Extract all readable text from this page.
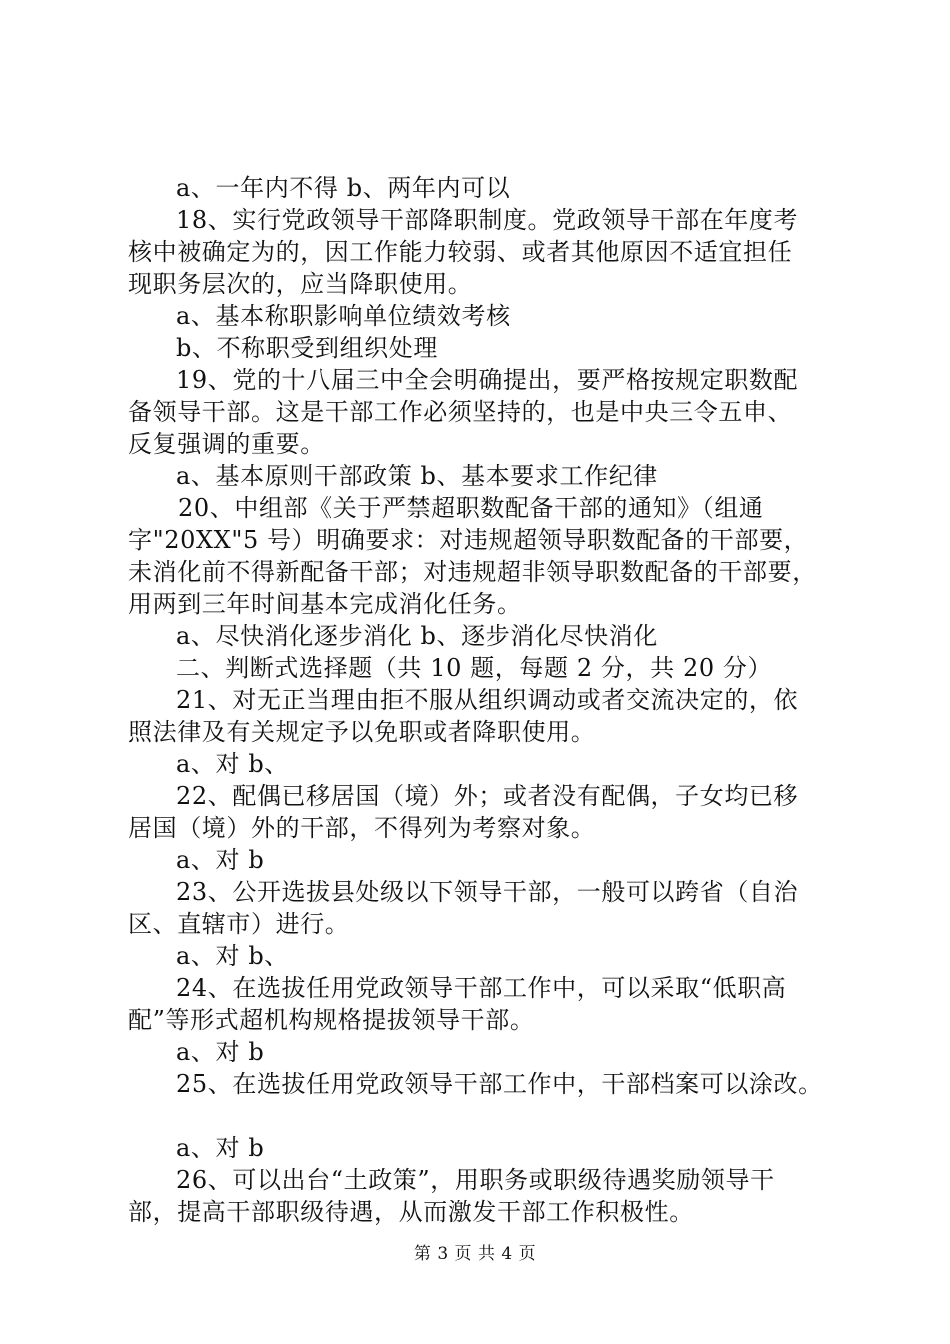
a、一年内不得 b、两年内可以
18、实行党政领导干部降职制度。党政领导干部在年度考
核中被确定为的，因工作能力较弱、或者其他原因不适宜担任
现职务层次的，应当降职使用。
a、基本称职影响单位绩效考核
b、不称职受到组织处理
19、党的十八届三中全会明确提出，要严格按规定职数配
备领导干部。这是干部工作必须坚持的，也是中央三令五申、
反复强调的重要。
a、基本原则干部政策 b、基本要求工作纪律
20、中组部《关于严禁超职数配备干部的通知》（组通
字"20XX"5 号）明确要求：对违规超领导职数配备的干部要，
未消化前不得新配备干部；对违规超非领导职数配备的干部要，
用两到三年时间基本完成消化任务。
a、尽快消化逐步消化 b、逐步消化尽快消化
二、判断式选择题（共 10 题，每题 2 分，共 20 分）
21、对无正当理由拒不服从组织调动或者交流决定的，依
照法律及有关规定予以免职或者降职使用。
a、对 b、
22、配偶已移居国（境）外；或者没有配偶，子女均已移
居国（境）外的干部，不得列为考察对象。
a、对 b
23、公开选拔县处级以下领导干部，一般可以跨省（自治
区、直辖市）进行。
a、对 b、
24、在选拔任用党政领导干部工作中，可以采取“低职高
配”等形式超机构规格提拔领导干部。
a、对 b
25、在选拔任用党政领导干部工作中，干部档案可以涂改。
a、对 b
26、可以出台“土政策”，用职务或职级待遇奖励领导干
部，提高干部职级待遇，从而激发干部工作积极性。
第 3 页 共 4 页
